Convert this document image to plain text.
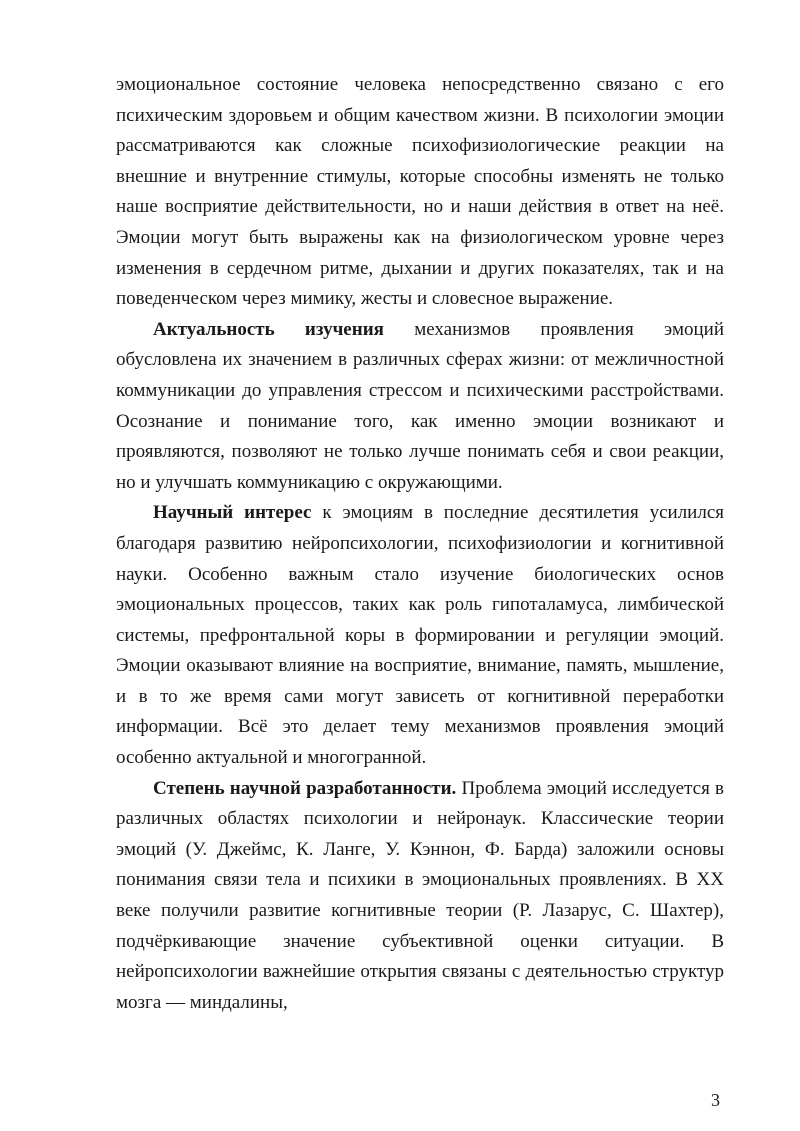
эмоциональное состояние человека непосредственно связано с его психическим здоровьем и общим качеством жизни. В психологии эмоции рассматриваются как сложные психофизиологические реакции на внешние и внутренние стимулы, которые способны изменять не только наше восприятие действительности, но и наши действия в ответ на неё. Эмоции могут быть выражены как на физиологическом уровне через изменения в сердечном ритме, дыхании и других показателях, так и на поведенческом через мимику, жесты и словесное выражение.

Актуальность изучения механизмов проявления эмоций обусловлена их значением в различных сферах жизни: от межличностной коммуникации до управления стрессом и психическими расстройствами. Осознание и понимание того, как именно эмоции возникают и проявляются, позволяют не только лучше понимать себя и свои реакции, но и улучшать коммуникацию с окружающими.

Научный интерес к эмоциям в последние десятилетия усилился благодаря развитию нейропсихологии, психофизиологии и когнитивной науки. Особенно важным стало изучение биологических основ эмоциональных процессов, таких как роль гипоталамуса, лимбической системы, префронтальной коры в формировании и регуляции эмоций. Эмоции оказывают влияние на восприятие, внимание, память, мышление, и в то же время сами могут зависеть от когнитивной переработки информации. Всё это делает тему механизмов проявления эмоций особенно актуальной и многогранной.

Степень научной разработанности. Проблема эмоций исследуется в различных областях психологии и нейронаук. Классические теории эмоций (У. Джеймс, К. Ланге, У. Кэннон, Ф. Барда) заложили основы понимания связи тела и психики в эмоциональных проявлениях. В XX веке получили развитие когнитивные теории (Р. Лазарус, С. Шахтер), подчёркивающие значение субъективной оценки ситуации. В нейропсихологии важнейшие открытия связаны с деятельностью структур мозга — миндалины,

3
